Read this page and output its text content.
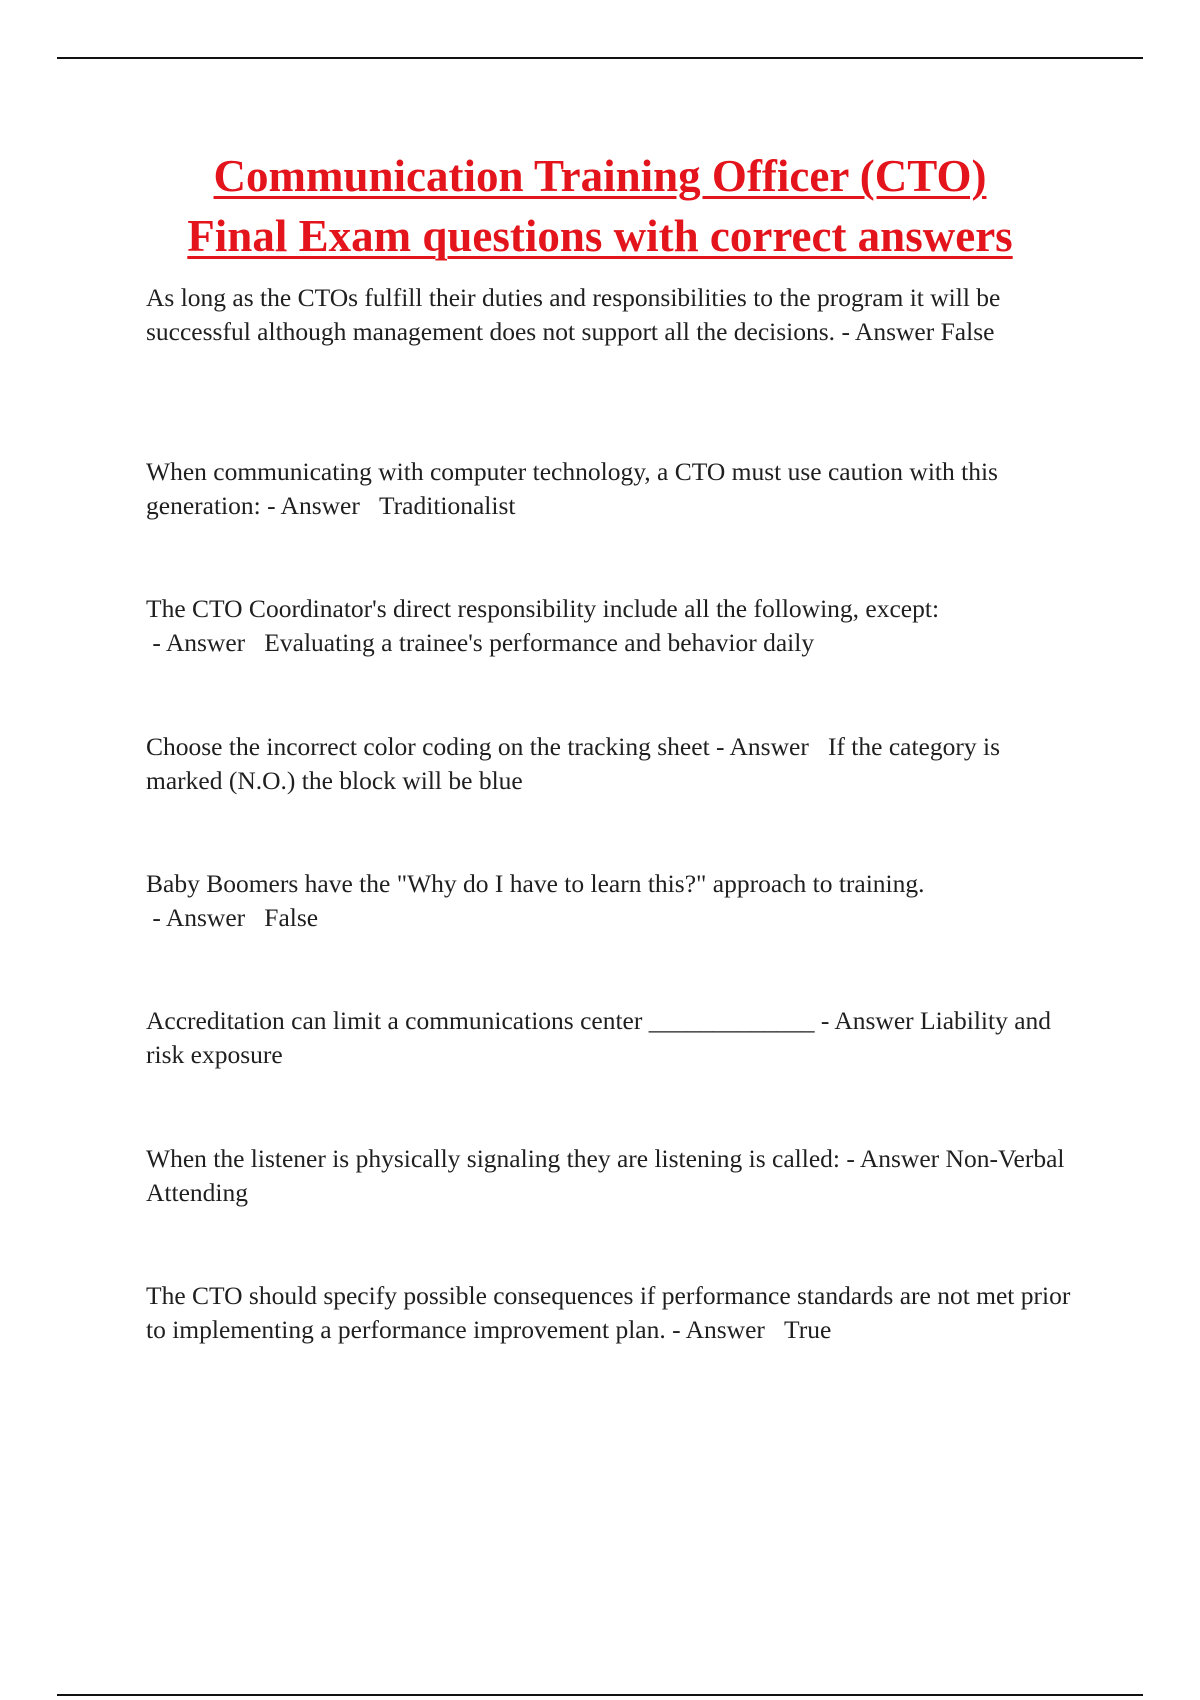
Communication Training Officer (CTO)
Final Exam questions with correct answers

As long as the CTOs fulfill their duties and responsibilities to the program it will be successful although management does not support all the decisions. - Answer False

When communicating with computer technology, a CTO must use caution with this generation: - Answer Traditionalist

The CTO Coordinator's direct responsibility include all the following, except: - Answer Evaluating a trainee's performance and behavior daily

Choose the incorrect color coding on the tracking sheet - Answer If the category is marked (N.O.) the block will be blue

Baby Boomers have the "Why do I have to learn this?" approach to training. - Answer False

Accreditation can limit a communications center _____________ - Answer Liability and risk exposure

When the listener is physically signaling they are listening is called: - Answer Non-Verbal Attending

The CTO should specify possible consequences if performance standards are not met prior to implementing a performance improvement plan. - Answer True
